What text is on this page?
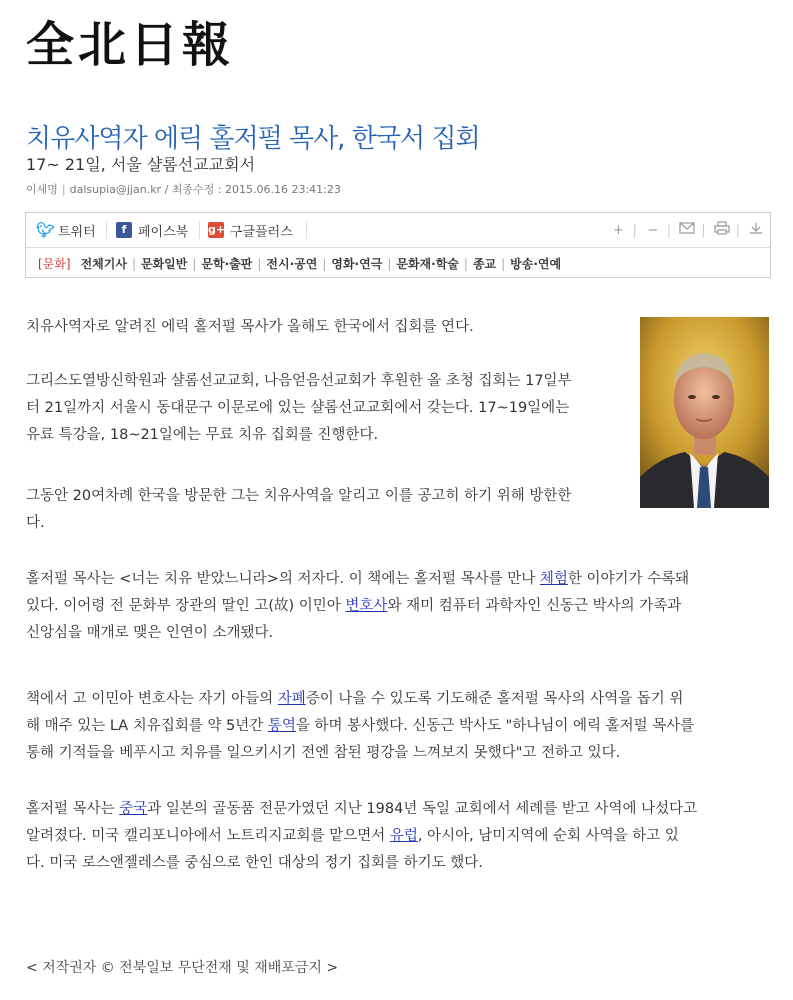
全北日報
치유사역자 에릭 홀저펄 목사, 한국서 집회
17~ 21일, 서울 샬롬선교교회서
이세명 | dalsupia@jjan.kr / 최종수정 : 2015.06.16 23:41:23
🐦︎ 트위터	f 페이스북 g+ 구글플러스	+ | − | | |
[문화] 전체기사 | 문화일반 | 문학·출판 | 전시·공연 | 영화·연극 | 문화재·학술 | 종교 | 방송·연예

치유사역자로 알려진 에릭 홀저펄 목사가 올해도 한국에서 집회를 연다.

그리스도열방신학원과 샬롬선교교회, 나음얻음선교회가 후원한 올 초청 집회는 17일부
터 21일까지 서울시 동대문구 이문로에 있는 샬롬선교교회에서 갖는다. 17~19일에는
유료 특강을, 18~21일에는 무료 치유 집회를 진행한다.

그동안 20여차례 한국을 방문한 그는 치유사역을 알리고 이를 공고히 하기 위해 방한한
다.

홀저펄 목사는 <너는 치유 받았느니라>의 저자다. 이 책에는 홀저펄 목사를 만나 체험한 이야기가 수록돼
있다. 이어령 전 문화부 장관의 딸인 고(故) 이민아 변호사와 재미 컴퓨터 과학자인 신동근 박사의 가족과
신앙심을 매개로 맺은 인연이 소개됐다.

책에서 고 이민아 변호사는 자기 아들의 자폐증이 나을 수 있도록 기도해준 홀저펄 목사의 사역을 돕기 위
해 매주 있는 LA 치유집회를 약 5년간 통역을 하며 봉사했다. 신동근 박사도 "하나님이 에릭 홀저펄 목사를
통해 기적들을 베푸시고 치유를 일으키시기 전엔 참된 평강을 느껴보지 못했다"고 전하고 있다.

홀저펄 목사는 중국과 일본의 골동품 전문가였던 지난 1984년 독일 교회에서 세례를 받고 사역에 나섰다고
알려졌다. 미국 캘리포니아에서 노트리지교회를 맡으면서 유럽, 아시아, 남미지역에 순회 사역을 하고 있
다. 미국 로스앤젤레스를 중심으로 한인 대상의 정기 집회를 하기도 했다.

< 저작권자 © 전북일보 무단전재 및 재배포금지 >
